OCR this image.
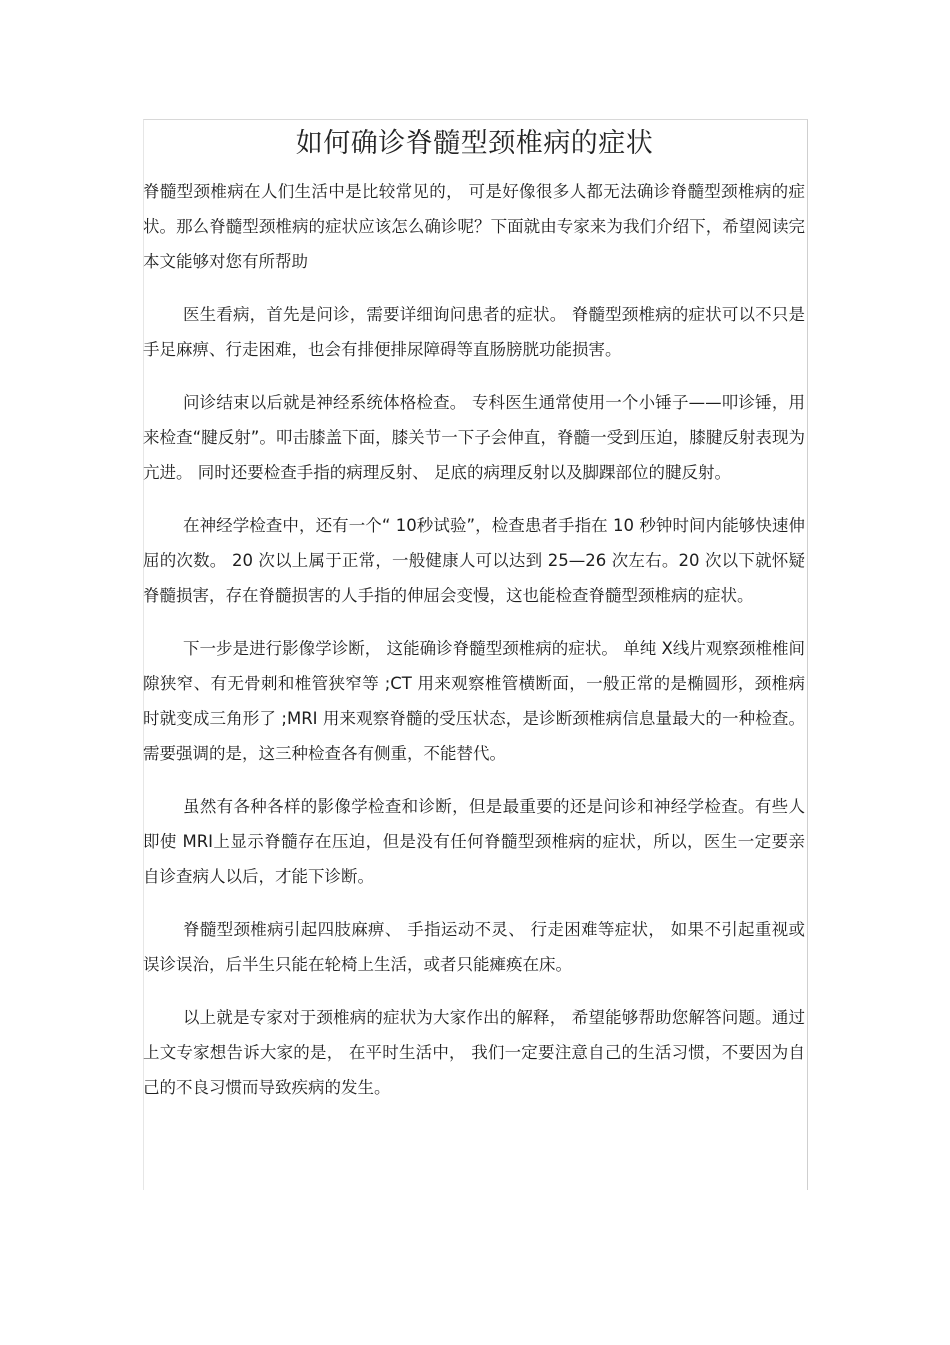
如何确诊脊髓型颈椎病的症状

脊髓型颈椎病在人们生活中是比较常见的， 可是好像很多人都无法确诊脊髓型颈椎病的症状。那么脊髓型颈椎病的症状应该怎么确诊呢？下面就由专家来为我们介绍下，希望阅读完本文能够对您有所帮助

医生看病，首先是问诊，需要详细询问患者的症状。 脊髓型颈椎病的症状可以不只是手足麻痹、行走困难，也会有排便排尿障碍等直肠膀胱功能损害。

问诊结束以后就是神经系统体格检查。 专科医生通常使用一个小锤子——叩诊锤，用来检查“腱反射”。叩击膝盖下面，膝关节一下子会伸直，脊髓一受到压迫，膝腱反射表现为亢进。 同时还要检查手指的病理反射、 足底的病理反射以及脚踝部位的腱反射。

在神经学检查中，还有一个“ 10秒试验”，检查患者手指在 10 秒钟时间内能够快速伸屈的次数。 20 次以上属于正常，一般健康人可以达到 25—26 次左右。20 次以下就怀疑脊髓损害，存在脊髓损害的人手指的伸屈会变慢，这也能检查脊髓型颈椎病的症状。

下一步是进行影像学诊断， 这能确诊脊髓型颈椎病的症状。 单纯 X线片观察颈椎椎间隙狭窄、有无骨刺和椎管狭窄等 ;CT 用来观察椎管横断面，一般正常的是椭圆形，颈椎病时就变成三角形了 ;MRI 用来观察脊髓的受压状态，是诊断颈椎病信息量最大的一种检查。需要强调的是，这三种检查各有侧重，不能替代。

虽然有各种各样的影像学检查和诊断，但是最重要的还是问诊和神经学检查。有些人即使 MRI上显示脊髓存在压迫，但是没有任何脊髓型颈椎病的症状，所以，医生一定要亲自诊查病人以后，才能下诊断。

脊髓型颈椎病引起四肢麻痹、 手指运动不灵、 行走困难等症状， 如果不引起重视或误诊误治，后半生只能在轮椅上生活，或者只能瘫痪在床。

以上就是专家对于颈椎病的症状为大家作出的解释， 希望能够帮助您解答问题。通过上文专家想告诉大家的是， 在平时生活中， 我们一定要注意自己的生活习惯，不要因为自己的不良习惯而导致疾病的发生。
